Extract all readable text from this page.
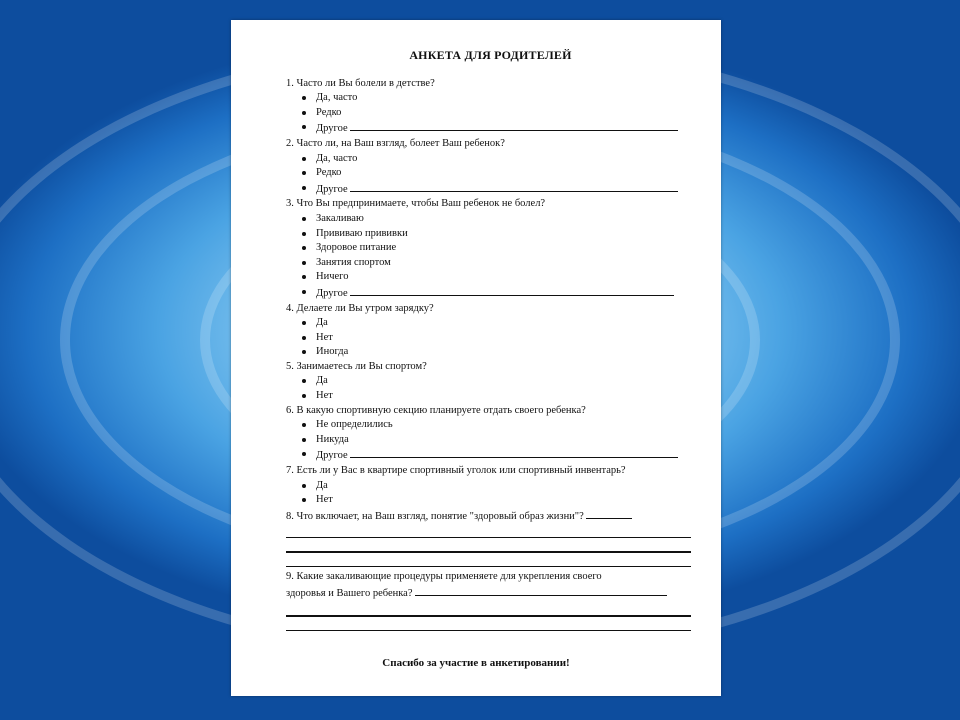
АНКЕТА ДЛЯ РОДИТЕЛЕЙ

1. Часто ли Вы болели в детстве?

Да, часто
Редко
Другое

2. Часто ли, на Ваш взгляд, болеет Ваш ребенок?

Да, часто
Редко
Другое

3. Что Вы предпринимаете, чтобы Ваш ребенок не болел?

Закаливаю
Прививаю прививки
Здоровое питание
Занятия спортом
Ничего
Другое

4. Делаете ли Вы утром зарядку?

Да
Нет
Иногда

5. Занимаетесь ли Вы спортом?

Да
Нет

6. В какую спортивную секцию планируете отдать своего ребенка?

Не определились
Никуда
Другое

7. Есть ли у Вас в квартире спортивный уголок или спортивный инвентарь?

Да
Нет

8. Что включает, на Ваш взгляд, понятие "здоровый образ жизни"?

9. Какие закаливающие процедуры применяете для укрепления своего

здоровья и Вашего ребенка?

Спасибо за участие в анкетировании!
